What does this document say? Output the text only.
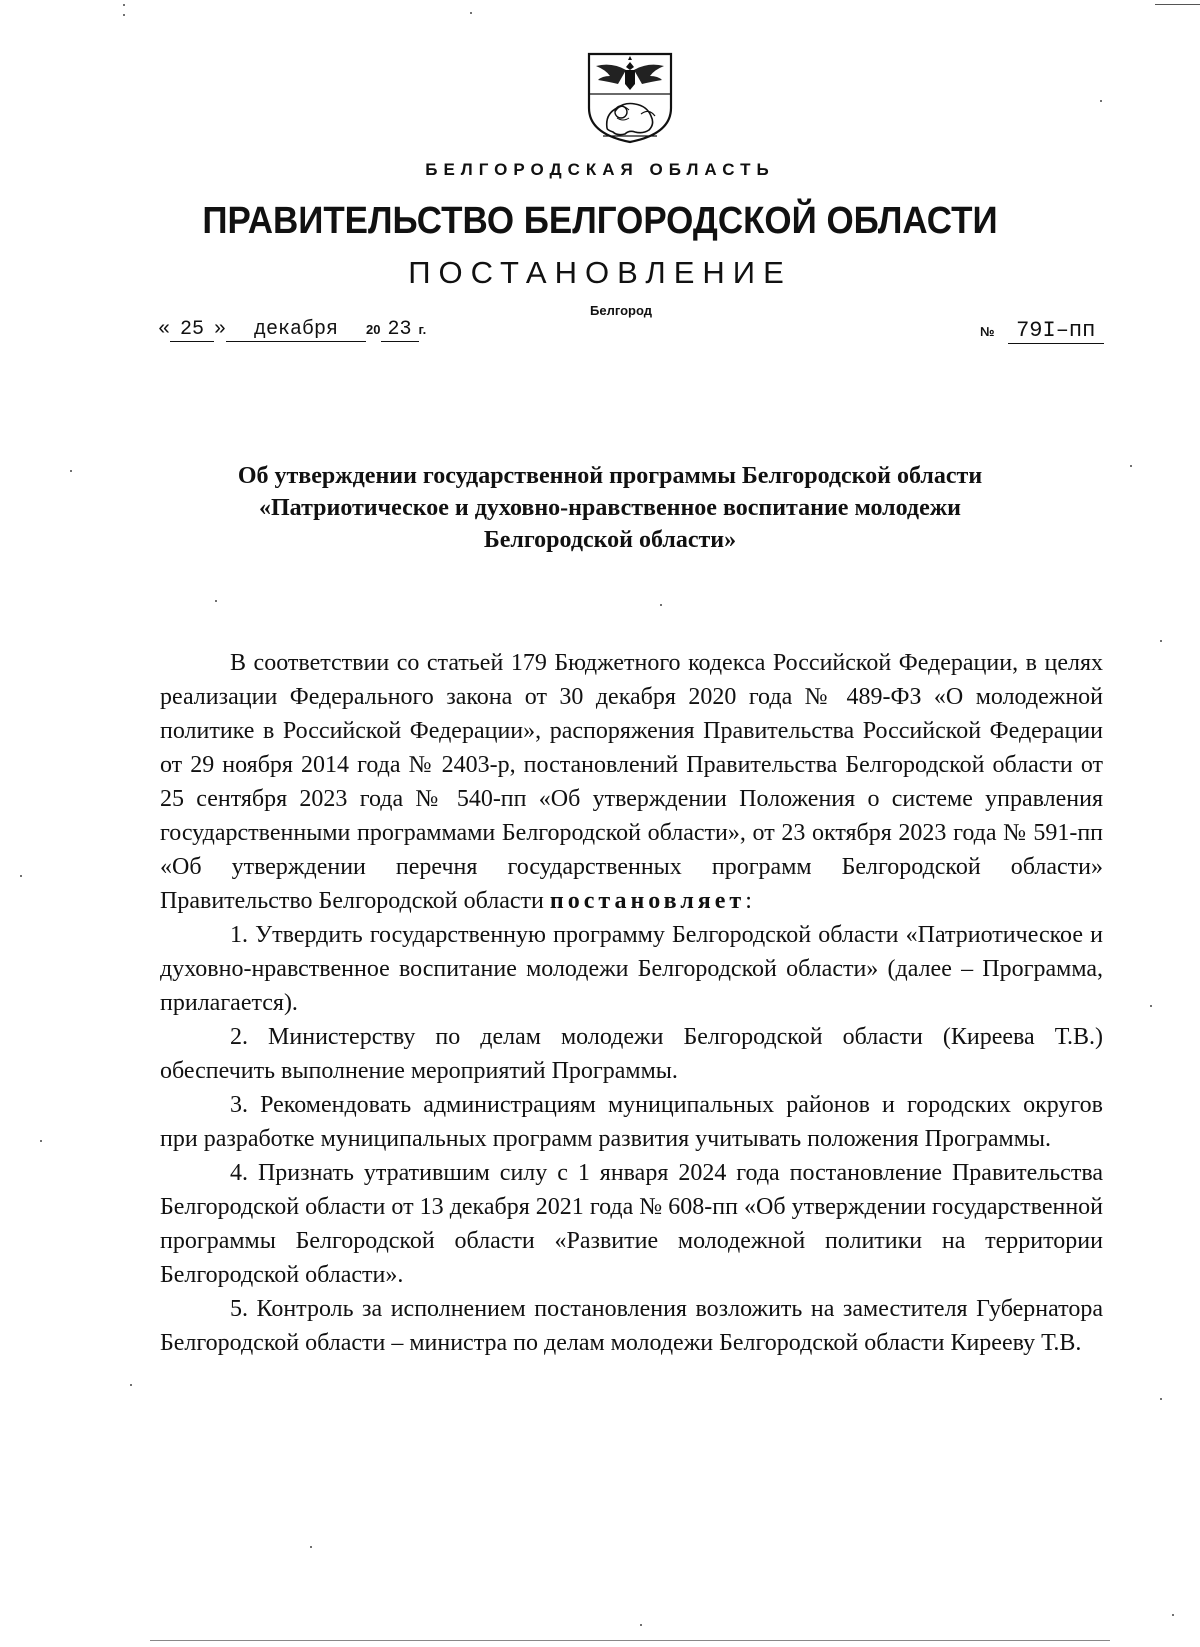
БЕЛГОРОДСКАЯ ОБЛАСТЬ
ПРАВИТЕЛЬСТВО БЕЛГОРОДСКОЙ ОБЛАСТИ
ПОСТАНОВЛЕНИЕ
Белгород
« 25 » декабря 20 23 г.	№ 79I–пп
Об утверждении государственной программы Белгородской области
«Патриотическое и духовно-нравственное воспитание молодежи
Белгородской области»

В соответствии со статьей 179 Бюджетного кодекса Российской Федерации, в целях реализации Федерального закона от 30 декабря 2020 года № 489-ФЗ «О молодежной политике в Российской Федерации», распоряжения Правительства Российской Федерации от 29 ноября 2014 года № 2403-р, постановлений Правительства Белгородской области от 25 сентября 2023 года № 540-пп «Об утверждении Положения о системе управления государственными программами Белгородской области», от 23 октября 2023 года № 591-пп «Об утверждении перечня государственных программ Белгородской области» Правительство Белгородской области постановляет:

1. Утвердить государственную программу Белгородской области «Патриотическое и духовно-нравственное воспитание молодежи Белгородской области» (далее – Программа, прилагается).

2. Министерству по делам молодежи Белгородской области (Киреева Т.В.) обеспечить выполнение мероприятий Программы.

3. Рекомендовать администрациям муниципальных районов и городских округов при разработке муниципальных программ развития учитывать положения Программы.

4. Признать утратившим силу с 1 января 2024 года постановление Правительства Белгородской области от 13 декабря 2021 года № 608-пп «Об утверждении государственной программы Белгородской области «Развитие молодежной политики на территории Белгородской области».

5. Контроль за исполнением постановления возложить на заместителя Губернатора Белгородской области – министра по делам молодежи Белгородской области Кирееву Т.В.
